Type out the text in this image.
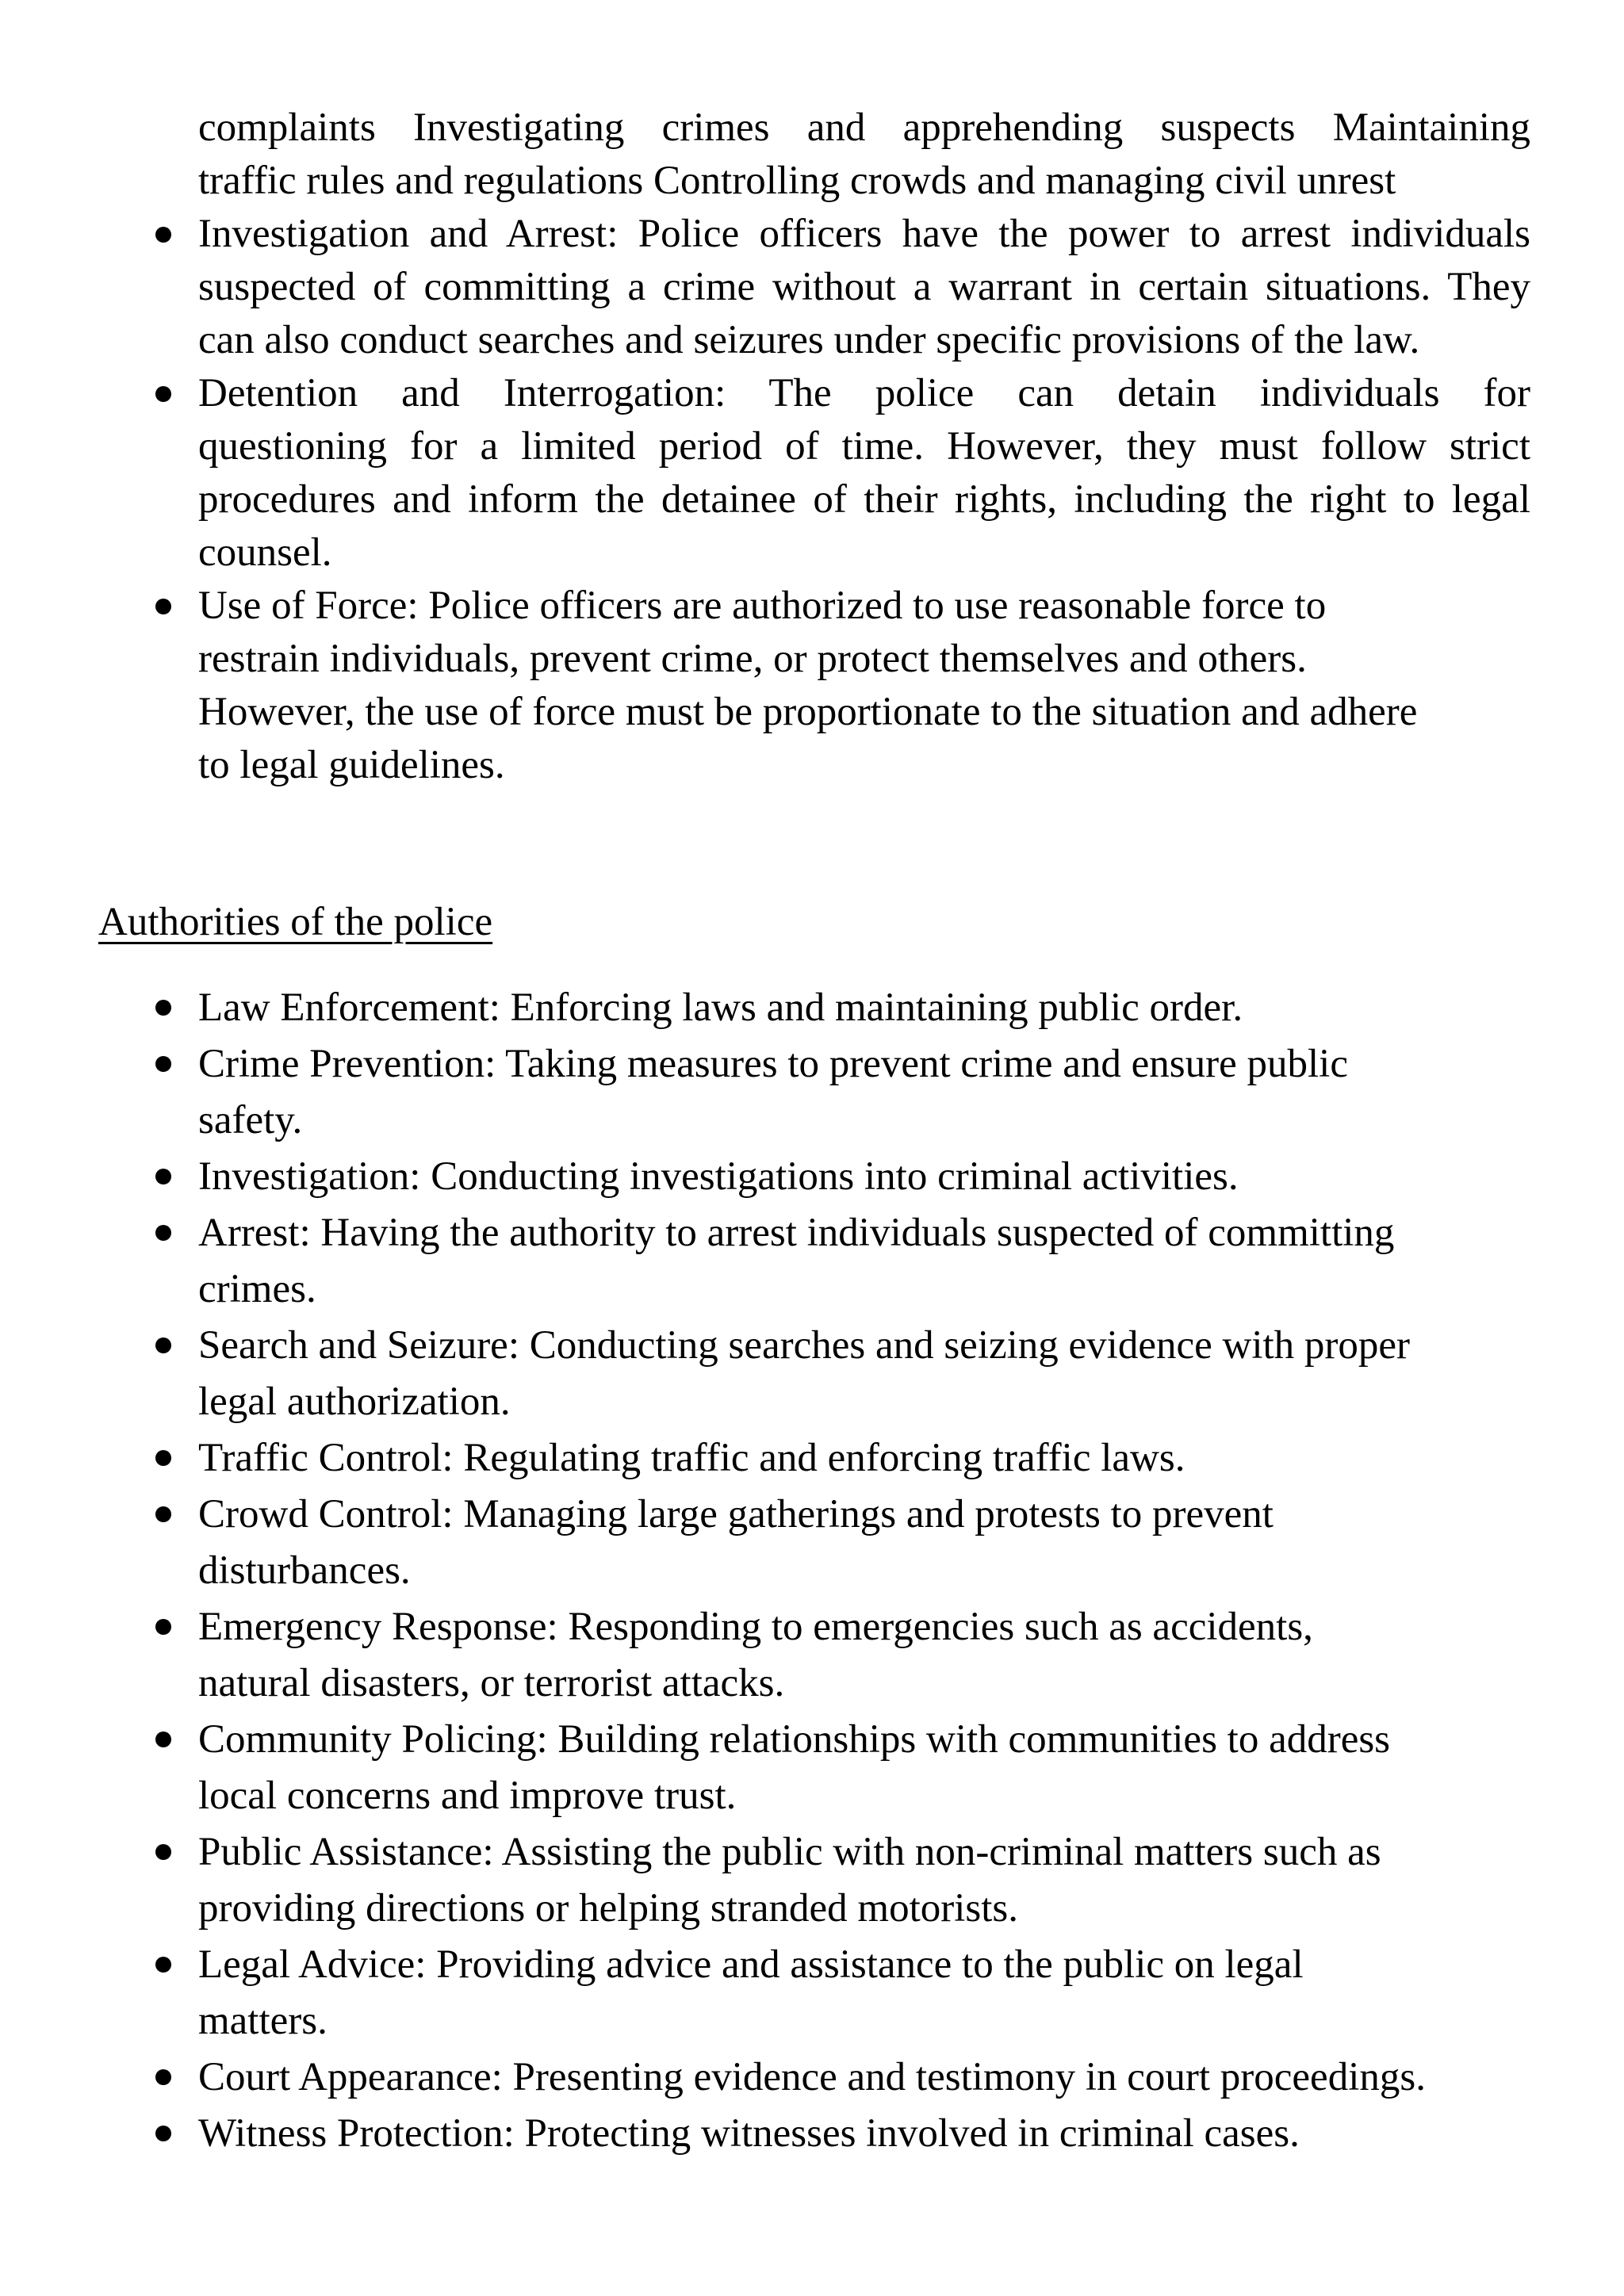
complaints Investigating crimes and apprehending suspects Maintaining
traffic rules and regulations Controlling crowds and managing civil unrest
Investigation and Arrest: Police officers have the power to arrest individuals
suspected of committing a crime without a warrant in certain situations. They
can also conduct searches and seizures under specific provisions of the law.
Detention and Interrogation: The police can detain individuals for
questioning for a limited period of time. However, they must follow strict
procedures and inform the detainee of their rights, including the right to legal
counsel.
Use of Force: Police officers are authorized to use reasonable force to
restrain individuals, prevent crime, or protect themselves and others.
However, the use of force must be proportionate to the situation and adhere
to legal guidelines.
Authorities of the police
Law Enforcement: Enforcing laws and maintaining public order.
Crime Prevention: Taking measures to prevent crime and ensure public
safety.
Investigation: Conducting investigations into criminal activities.
Arrest: Having the authority to arrest individuals suspected of committing
crimes.
Search and Seizure: Conducting searches and seizing evidence with proper
legal authorization.
Traffic Control: Regulating traffic and enforcing traffic laws.
Crowd Control: Managing large gatherings and protests to prevent
disturbances.
Emergency Response: Responding to emergencies such as accidents,
natural disasters, or terrorist attacks.
Community Policing: Building relationships with communities to address
local concerns and improve trust.
Public Assistance: Assisting the public with non-criminal matters such as
providing directions or helping stranded motorists.
Legal Advice: Providing advice and assistance to the public on legal
matters.
Court Appearance: Presenting evidence and testimony in court proceedings.
Witness Protection: Protecting witnesses involved in criminal cases.
